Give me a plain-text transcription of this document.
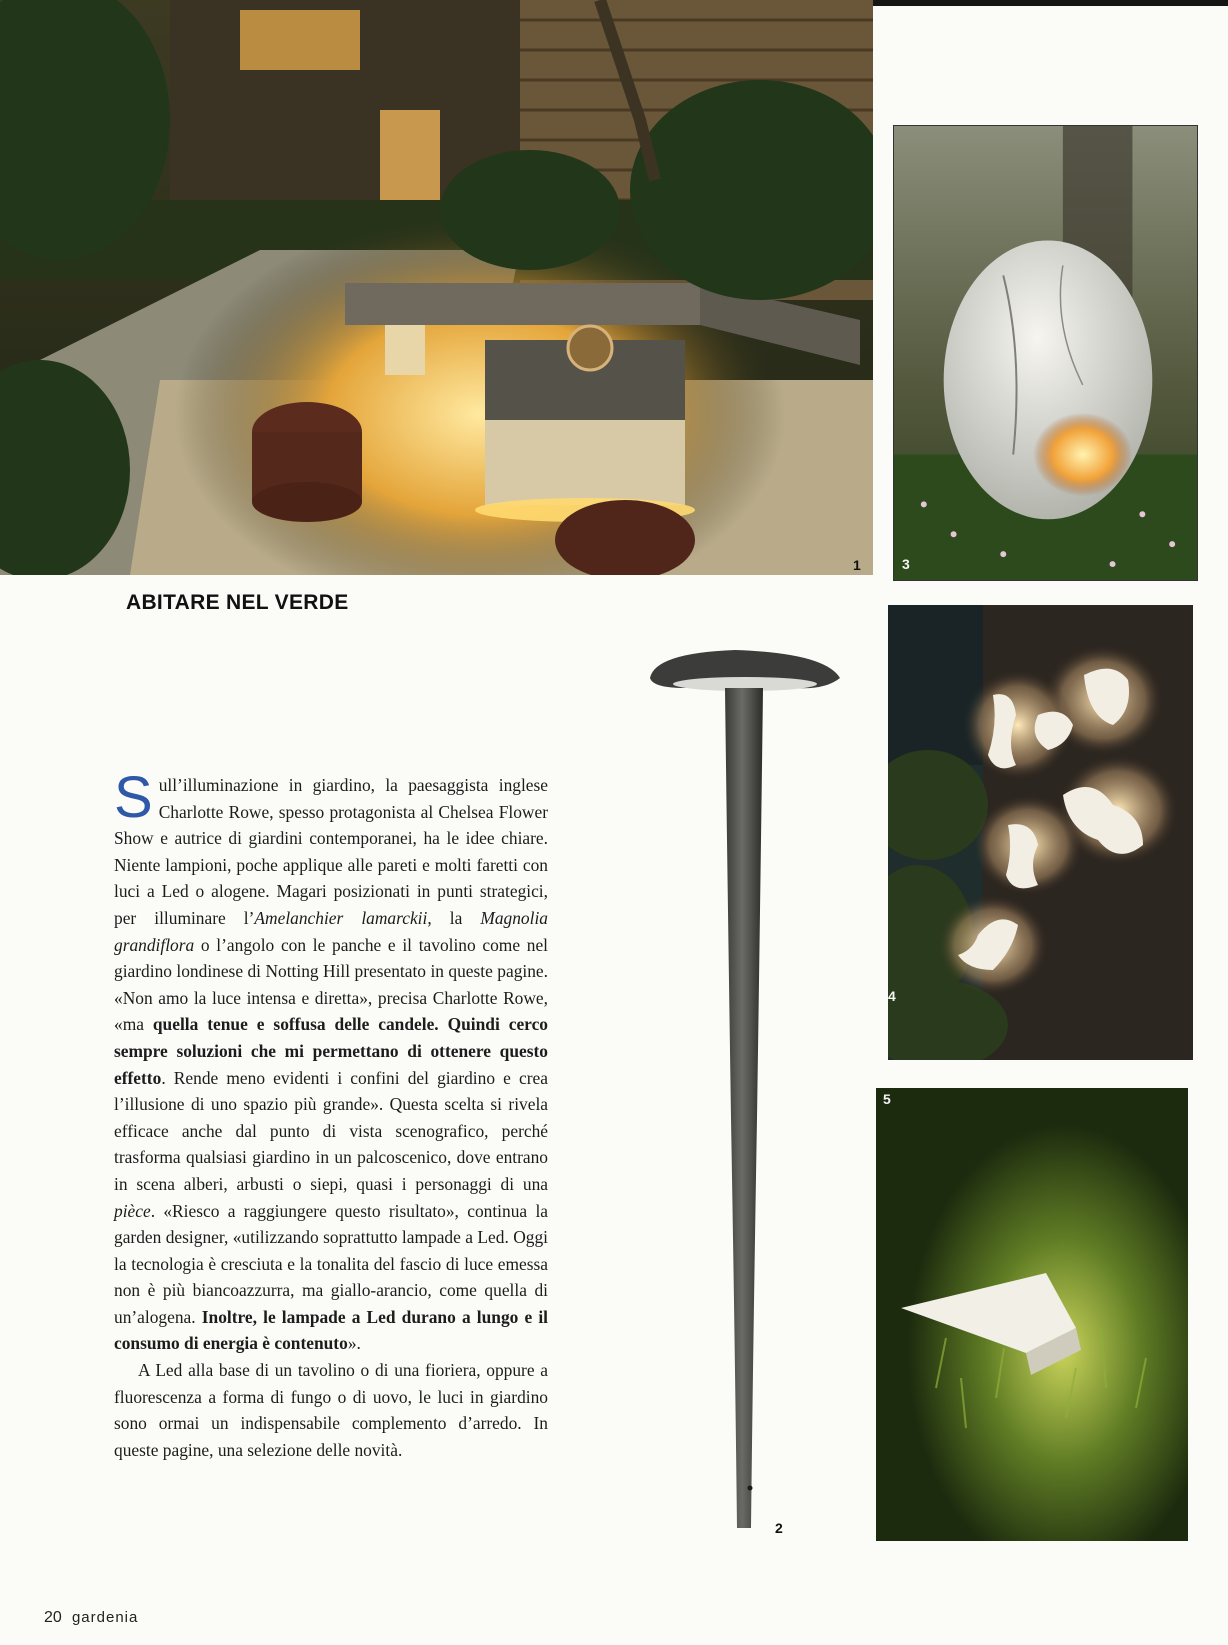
1	3
4
5
ABITARE NEL VERDE

Sull’illuminazione in giardino, la paesaggista inglese Charlotte Rowe, spesso protagonista al Chelsea Flower Show e autrice di giardini contemporanei, ha le idee chiare. Niente lampioni, poche applique alle pareti e molti faretti con luci a Led o alogene. Magari posizionati in punti strategici, per illuminare l’Amelanchier lamarckii, la Magnolia grandiflora o l’angolo con le panche e il tavolino come nel giardino londinese di Notting Hill presentato in queste pagine. «Non amo la luce intensa e diretta», precisa Charlotte Rowe, «ma quella tenue e soffusa delle candele. Quindi cerco sempre soluzioni che mi permettano di ottenere questo effetto. Rende meno evidenti i confini del giardino e crea l’illusione di uno spazio più grande». Questa scelta si rivela efficace anche dal punto di vista scenografico, perché trasforma qualsiasi giardino in un palcoscenico, dove entrano in scena alberi, arbusti o siepi, quasi i personaggi di una pièce. «Riesco a raggiungere questo risultato», continua la garden designer, «utilizzando soprattutto lampade a Led. Oggi la tecnologia è cresciuta e la tonalita del fascio di luce emessa non è più biancoazzurra, ma giallo-arancio, come quella di un’alogena. Inoltre, le lampade a Led durano a lungo e il consumo di energia è contenuto».

A Led alla base di un tavolino o di una fioriera, oppure a fluorescenza a forma di fungo o di uovo, le luci in giardino sono ormai un indispensabile complemento d’arredo. In queste pagine, una selezione delle novità.

2
20 gardenia
